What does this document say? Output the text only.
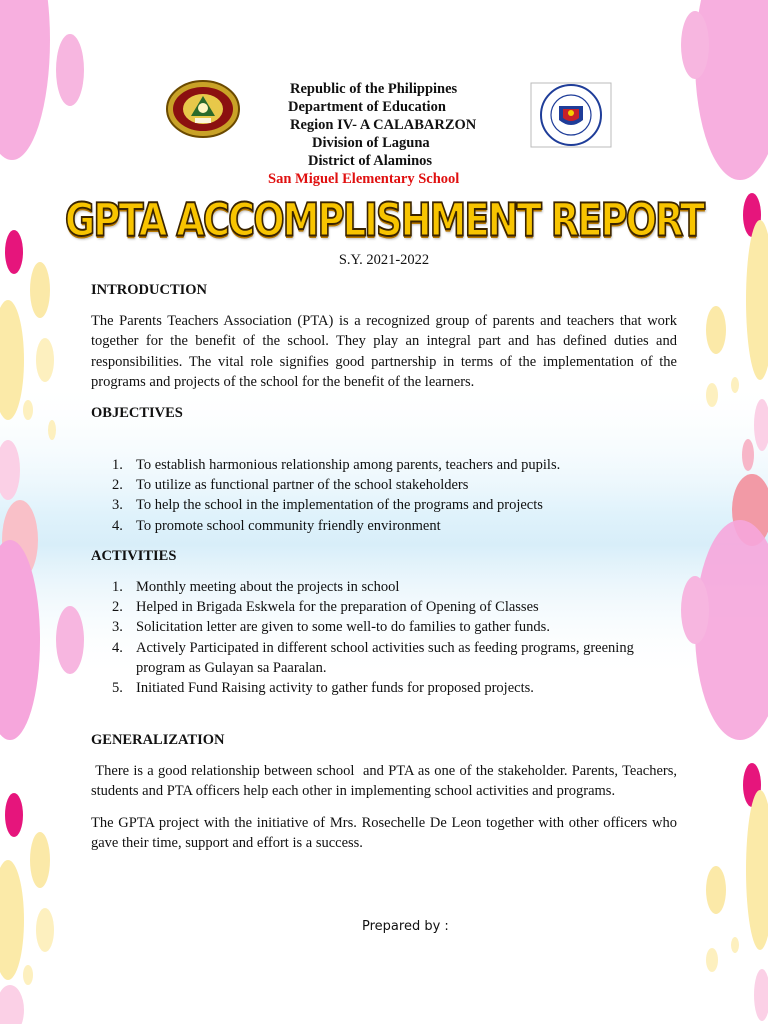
Republic of the Philippines
Department of Education
Region IV- A CALABARZON
Division of Laguna
District of Alaminos
San Miguel Elementary School
GPTA ACCOMPLISHMENT REPORT
S.Y. 2021-2022
INTRODUCTION
The Parents Teachers Association (PTA) is a recognized group of parents and teachers that work together for the benefit of the school. They play an integral part and has defined duties and responsibilities. The vital role signifies good partnership in terms of the implementation of the programs and projects of the school for the benefit of the learners.
OBJECTIVES
1. To establish harmonious relationship among parents, teachers and pupils.
2. To utilize as functional partner of the school stakeholders
3. To help the school in the implementation of the programs and projects
4. To promote school community friendly environment
ACTIVITIES
1. Monthly meeting about the projects in school
2. Helped in Brigada Eskwela for the preparation of Opening of Classes
3. Solicitation letter are given to some well-to do families to gather funds.
4. Actively Participated in different school activities such as feeding programs, greening program as Gulayan sa Paaralan.
5. Initiated Fund Raising activity to gather funds for proposed projects.
GENERALIZATION
There is a good relationship between school  and PTA as one of the stakeholder. Parents, Teachers, students and PTA officers help each other in implementing school activities and programs.
The GPTA project with the initiative of Mrs. Rosechelle De Leon together with other officers who gave their time, support and effort is a success.
Prepared by :
